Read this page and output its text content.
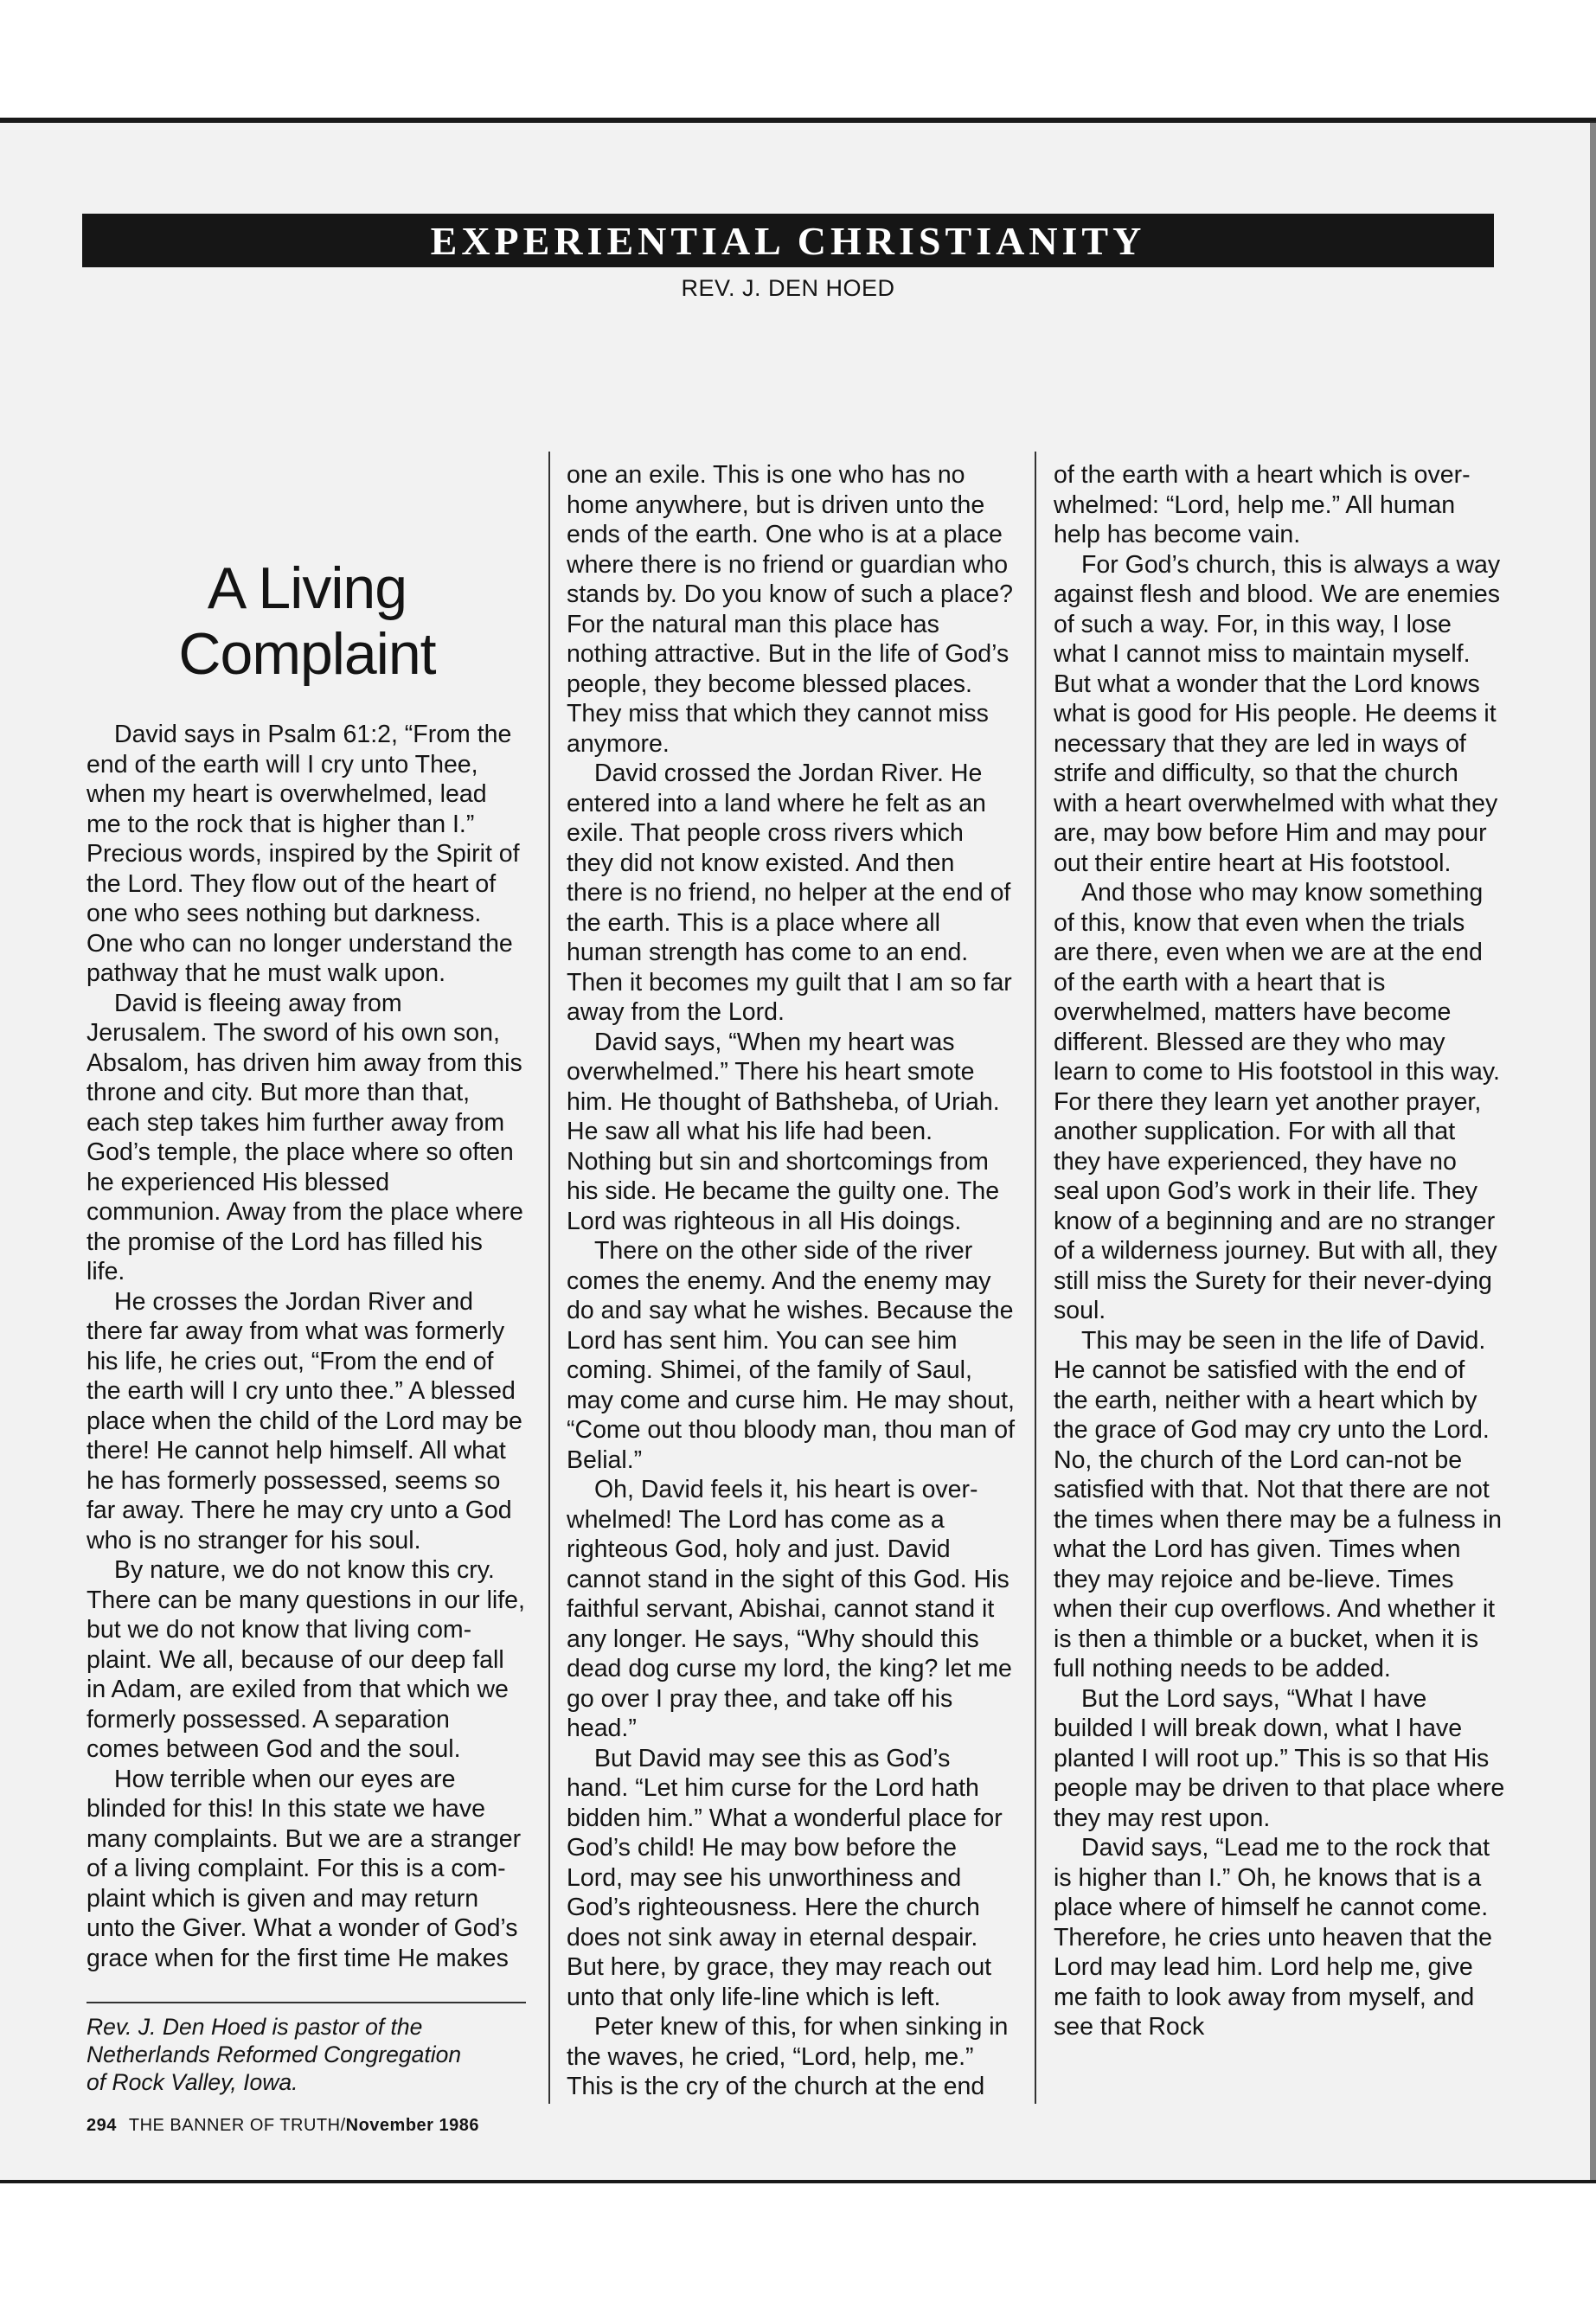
EXPERIENTIAL CHRISTIANITY
REV. J. DEN HOED
A Living
Complaint

David says in Psalm 61:2, “From the end of the earth will I cry unto Thee, when my heart is overwhelmed, lead me to the rock that is higher than I.” Precious words, inspired by the Spirit of the Lord. They flow out of the heart of one who sees nothing but darkness. One who can no longer understand the pathway that he must walk upon.

David is fleeing away from Jerusalem. The sword of his own son, Absalom, has driven him away from this throne and city. But more than that, each step takes him further away from God’s temple, the place where so often he experienced His blessed communion. Away from the place where the promise of the Lord has filled his life.

He crosses the Jordan River and there far away from what was formerly his life, he cries out, “From the end of the earth will I cry unto thee.” A blessed place when the child of the Lord may be there! He cannot help himself. All what he has formerly possessed, seems so far away. There he may cry unto a God who is no stranger for his soul.

By nature, we do not know this cry. There can be many questions in our life, but we do not know that living com-plaint. We all, because of our deep fall in Adam, are exiled from that which we formerly possessed. A separation comes between God and the soul.

How terrible when our eyes are blinded for this! In this state we have many complaints. But we are a stranger of a living complaint. For this is a com-plaint which is given and may return unto the Giver. What a wonder of God’s grace when for the first time He makes

one an exile. This is one who has no home anywhere, but is driven unto the ends of the earth. One who is at a place where there is no friend or guardian who stands by. Do you know of such a place? For the natural man this place has nothing attractive. But in the life of God’s people, they become blessed places. They miss that which they cannot miss anymore.

David crossed the Jordan River. He entered into a land where he felt as an exile. That people cross rivers which they did not know existed. And then there is no friend, no helper at the end of the earth. This is a place where all human strength has come to an end. Then it becomes my guilt that I am so far away from the Lord.

David says, “When my heart was overwhelmed.” There his heart smote him. He thought of Bathsheba, of Uriah. He saw all what his life had been. Nothing but sin and shortcomings from his side. He became the guilty one. The Lord was righteous in all His doings.

There on the other side of the river comes the enemy. And the enemy may do and say what he wishes. Because the Lord has sent him. You can see him coming. Shimei, of the family of Saul, may come and curse him. He may shout, “Come out thou bloody man, thou man of Belial.”

Oh, David feels it, his heart is over-whelmed! The Lord has come as a righteous God, holy and just. David cannot stand in the sight of this God. His faithful servant, Abishai, cannot stand it any longer. He says, “Why should this dead dog curse my lord, the king? let me go over I pray thee, and take off his head.”

But David may see this as God’s hand. “Let him curse for the Lord hath bidden him.” What a wonderful place for God’s child! He may bow before the Lord, may see his unworthiness and God’s righteousness. Here the church does not sink away in eternal despair. But here, by grace, they may reach out unto that only life-line which is left.

Peter knew of this, for when sinking in the waves, he cried, “Lord, help, me.” This is the cry of the church at the end

of the earth with a heart which is over-whelmed: “Lord, help me.” All human help has become vain.

For God’s church, this is always a way against flesh and blood. We are enemies of such a way. For, in this way, I lose what I cannot miss to maintain myself. But what a wonder that the Lord knows what is good for His people. He deems it necessary that they are led in ways of strife and difficulty, so that the church with a heart overwhelmed with what they are, may bow before Him and may pour out their entire heart at His footstool.

And those who may know something of this, know that even when the trials are there, even when we are at the end of the earth with a heart that is overwhelmed, matters have become different. Blessed are they who may learn to come to His footstool in this way. For there they learn yet another prayer, another supplication. For with all that they have experienced, they have no seal upon God’s work in their life. They know of a beginning and are no stranger of a wilderness journey. But with all, they still miss the Surety for their never-dying soul.

This may be seen in the life of David. He cannot be satisfied with the end of the earth, neither with a heart which by the grace of God may cry unto the Lord. No, the church of the Lord can-not be satisfied with that. Not that there are not the times when there may be a fulness in what the Lord has given. Times when they may rejoice and be-lieve. Times when their cup overflows. And whether it is then a thimble or a bucket, when it is full nothing needs to be added.

But the Lord says, “What I have builded I will break down, what I have planted I will root up.” This is so that His people may be driven to that place where they may rest upon.

David says, “Lead me to the rock that is higher than I.” Oh, he knows that is a place where of himself he cannot come. Therefore, he cries unto heaven that the Lord may lead him. Lord help me, give me faith to look away from myself, and see that Rock

Rev. J. Den Hoed is pastor of the
Netherlands Reformed Congregation
of Rock Valley, Iowa.
294 THE BANNER OF TRUTH/November 1986
